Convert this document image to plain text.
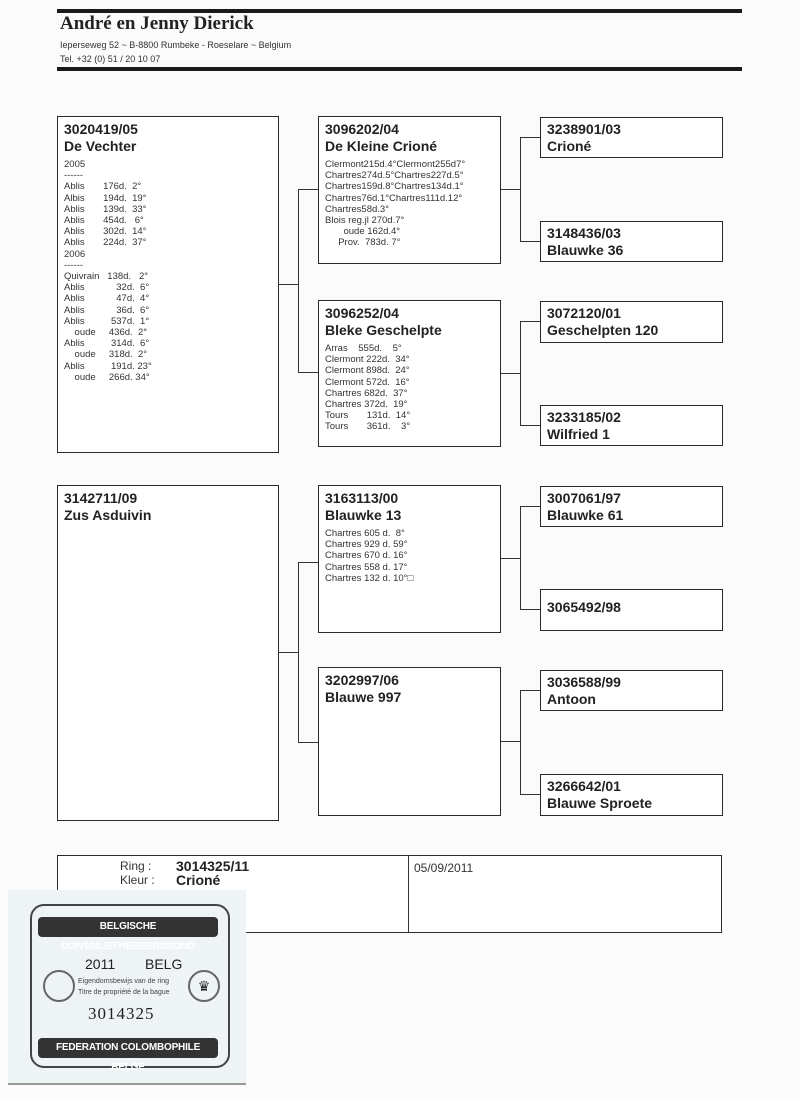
André en Jenny Dierick
Ieperseweg 52 ~ B-8800 Rumbeke - Roeselare ~ Belgium
Tel. +32 (0) 51 / 20 10 07
3020419/05
De Vechter
2005
------
Ablis       176d.  2°
Albis       194d.  19°
Ablis       139d.  33°
Ablis       454d.   6°
Ablis       302d.  14°
Ablis       224d.  37°
2006
------
Quivrain   138d.   2°
Ablis            32d.  6°
Ablis            47d.  4°
Ablis            36d.  6°
Ablis          537d.  1°
oude     436d.  2°
Ablis          314d.  6°
oude     318d.  2°
Ablis          191d. 23°
oude     266d. 34°
3142711/09
Zus Asduivin
3096202/04
De Kleine Crioné
Clermont215d.4°Clermont255d7°
Chartres274d.5°Chartres227d.5°
Chartres159d.8°Chartres134d.1°
Chartres76d.1°Chartres111d.12°
Chartres58d.3°
Blois reg.jl 270d.7°
oude 162d.4°
Prov.  783d. 7°
3096252/04
Bleke Geschelpte
Arras    555d.    5°
Clermont 222d.  34°
Clermont 898d.  24°
Clermont 572d.  16°
Chartres 682d.  37°
Chartres 372d.  19°
Tours       131d.  14°
Tours       361d.    3°
3163113/00
Blauwke 13
Chartres 605 d.  8°
Chartres 929 d. 59°
Chartres 670 d. 16°
Chartres 558 d. 17°
Chartres 132 d. 10°□
3202997/06
Blauwe 997
3238901/03
Crioné
3148436/03
Blauwke 36
3072120/01
Geschelpten 120
3233185/02
Wilfried 1
3007061/97
Blauwke 61
3065492/98
3036588/99
Antoon
3266642/01
Blauwe Sproete
Ring : 3014325/11
Kleur : Crioné
05/09/2011
BELGISCHE DUIVENLIEFHEBBERSBOND
2011 BELG
Eigendomsbewijs van de ring
Titre de propriété de la bague
3014325
♛
FEDERATION COLOMBOPHILE BELGE
